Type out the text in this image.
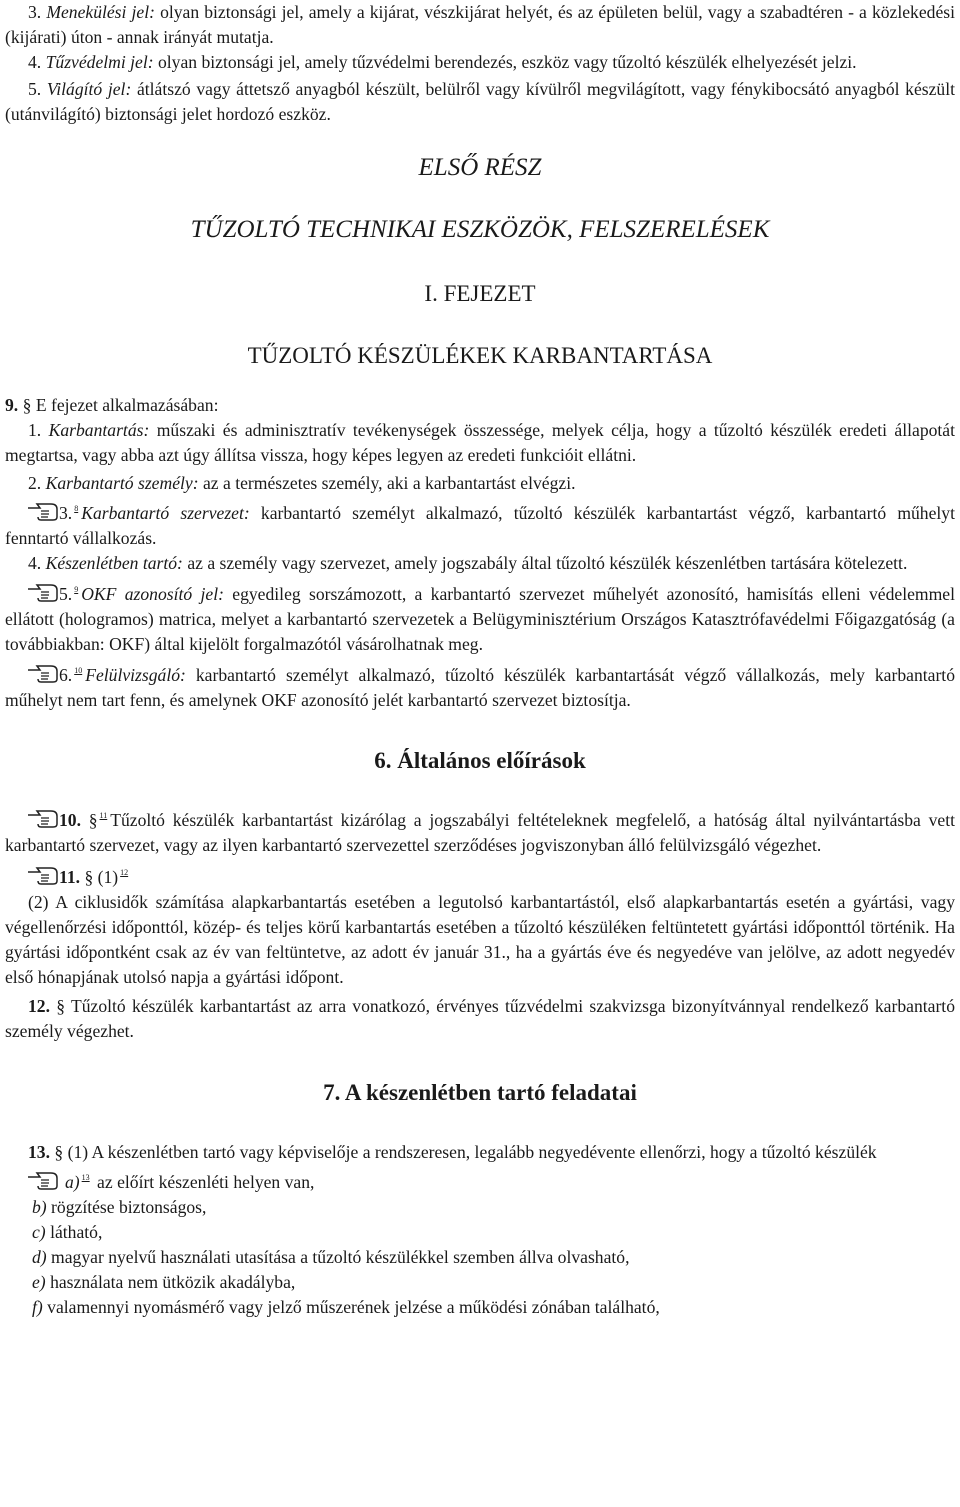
3. Menekülési jel: olyan biztonsági jel, amely a kijárat, vészkijárat helyét, és az épületen belül, vagy a szabadtéren - a közlekedési (kijárati) úton - annak irányát mutatja.

4. Tűzvédelmi jel: olyan biztonsági jel, amely tűzvédelmi berendezés, eszköz vagy tűzoltó készülék elhelyezését jelzi.

5. Világító jel: átlátszó vagy áttetsző anyagból készült, belülről vagy kívülről megvilágított, vagy fénykibocsátó anyagból készült (utánvilágító) biztonsági jelet hordozó eszköz.

ELSŐ RÉSZ

TŰZOLTÓ TECHNIKAI ESZKÖZÖK, FELSZERELÉSEK

I. FEJEZET

TŰZOLTÓ KÉSZÜLÉKEK KARBANTARTÁSA

9. § E fejezet alkalmazásában:

1. Karbantartás: műszaki és adminisztratív tevékenységek összessége, melyek célja, hogy a tűzoltó készülék eredeti állapotát megtartsa, vagy abba azt úgy állítsa vissza, hogy képes legyen az eredeti funkcióit ellátni.

2. Karbantartó személy: az a természetes személy, aki a karbantartást elvégzi.

3. $^8$ Karbantartó szervezet: karbantartó személyt alkalmazó, tűzoltó készülék karbantartást végző, karbantartó műhelyt fenntartó vállalkozás.

4. Készenlétben tartó: az a személy vagy szervezet, amely jogszabály által tűzoltó készülék készenlétben tartására kötelezett.

5. $^9$ OKF azonosító jel: egyedileg sorszámozott, a karbantartó szervezet műhelyét azonosító, hamisítás elleni védelemmel ellátott (hologramos) matrica, melyet a karbantartó szervezetek a Belügyminisztérium Országos Katasztrófavédelmi Főigazgatóság (a továbbiakban: OKF) által kijelölt forgalmazótól vásárolhatnak meg.

6. $^{10}$ Felülvizsgáló: karbantartó személyt alkalmazó, tűzoltó készülék karbantartását végző vállalkozás, mely karbantartó műhelyt nem tart fenn, és amelynek OKF azonosító jelét karbantartó szervezet biztosítja.

6. Általános előírások

10. § $^{11}$ Tűzoltó készülék karbantartást kizárólag a jogszabályi feltételeknek megfelelő, a hatóság által nyilvántartásba vett karbantartó szervezet, vagy az ilyen karbantartó szervezettel szerződéses jogviszonyban álló felülvizsgáló végezhet.

11. § (1) $^{12}$

(2) A ciklusidők számítása alapkarbantartás esetében a legutolsó karbantartástól, első alapkarbantartás esetén a gyártási, vagy végellenőrzési időponttól, közép- és teljes körű karbantartás esetében a tűzoltó készüléken feltüntetett gyártási időponttól történik. Ha gyártási időpontként csak az év van feltüntetve, az adott év január 31., ha a gyártás éve és negyedéve van jelölve, az adott negyedév első hónapjának utolsó napja a gyártási időpont.

12. § Tűzoltó készülék karbantartást az arra vonatkozó, érvényes tűzvédelmi szakvizsga bizonyítvánnyal rendelkező karbantartó személy végezhet.

7. A készenlétben tartó feladatai

13. § (1) A készenlétben tartó vagy képviselője a rendszeresen, legalább negyedévente ellenőrzi, hogy a tűzoltó készülék

a) $^{13}$ az előírt készenléti helyen van,

b) rögzítése biztonságos,

c) látható,

d) magyar nyelvű használati utasítása a tűzoltó készülékkel szemben állva olvasható,

e) használata nem ütközik akadályba,

f) valamennyi nyomásmérő vagy jelző műszerének jelzése a működési zónában található,
